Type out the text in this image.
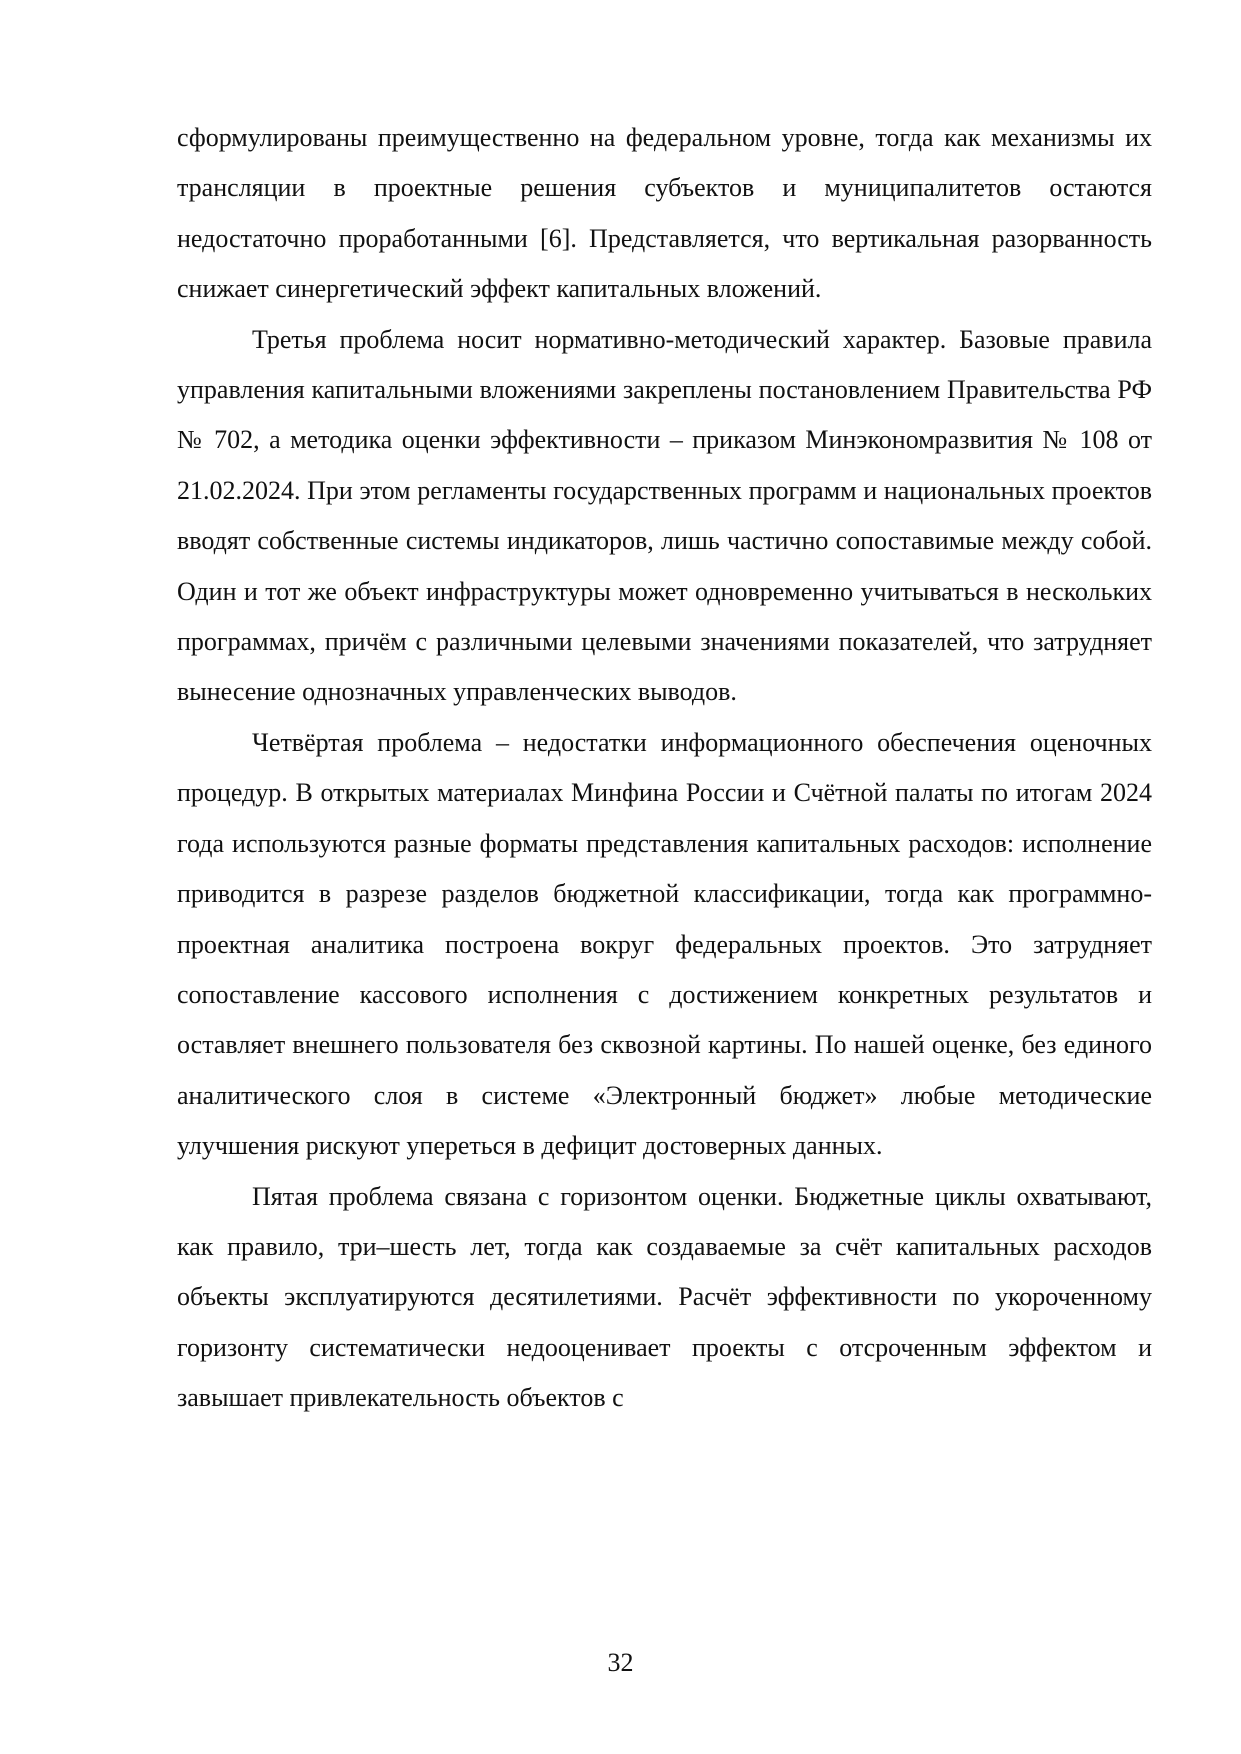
сформулированы преимущественно на федеральном уровне, тогда как механизмы их трансляции в проектные решения субъектов и муниципалитетов остаются недостаточно проработанными [6]. Представляется, что вертикальная разорванность снижает синергетический эффект капитальных вложений.

Третья проблема носит нормативно-методический характер. Базовые правила управления капитальными вложениями закреплены постановлением Правительства РФ № 702, а методика оценки эффективности – приказом Минэкономразвития № 108 от 21.02.2024. При этом регламенты государственных программ и национальных проектов вводят собственные системы индикаторов, лишь частично сопоставимые между собой. Один и тот же объект инфраструктуры может одновременно учитываться в нескольких программах, причём с различными целевыми значениями показателей, что затрудняет вынесение однозначных управленческих выводов.

Четвёртая проблема – недостатки информационного обеспечения оценочных процедур. В открытых материалах Минфина России и Счётной палаты по итогам 2024 года используются разные форматы представления капитальных расходов: исполнение приводится в разрезе разделов бюджетной классификации, тогда как программно-проектная аналитика построена вокруг федеральных проектов. Это затрудняет сопоставление кассового исполнения с достижением конкретных результатов и оставляет внешнего пользователя без сквозной картины. По нашей оценке, без единого аналитического слоя в системе «Электронный бюджет» любые методические улучшения рискуют упереться в дефицит достоверных данных.

Пятая проблема связана с горизонтом оценки. Бюджетные циклы охватывают, как правило, три–шесть лет, тогда как создаваемые за счёт капитальных расходов объекты эксплуатируются десятилетиями. Расчёт эффективности по укороченному горизонту систематически недооценивает проекты с отсроченным эффектом и завышает привлекательность объектов с

32
